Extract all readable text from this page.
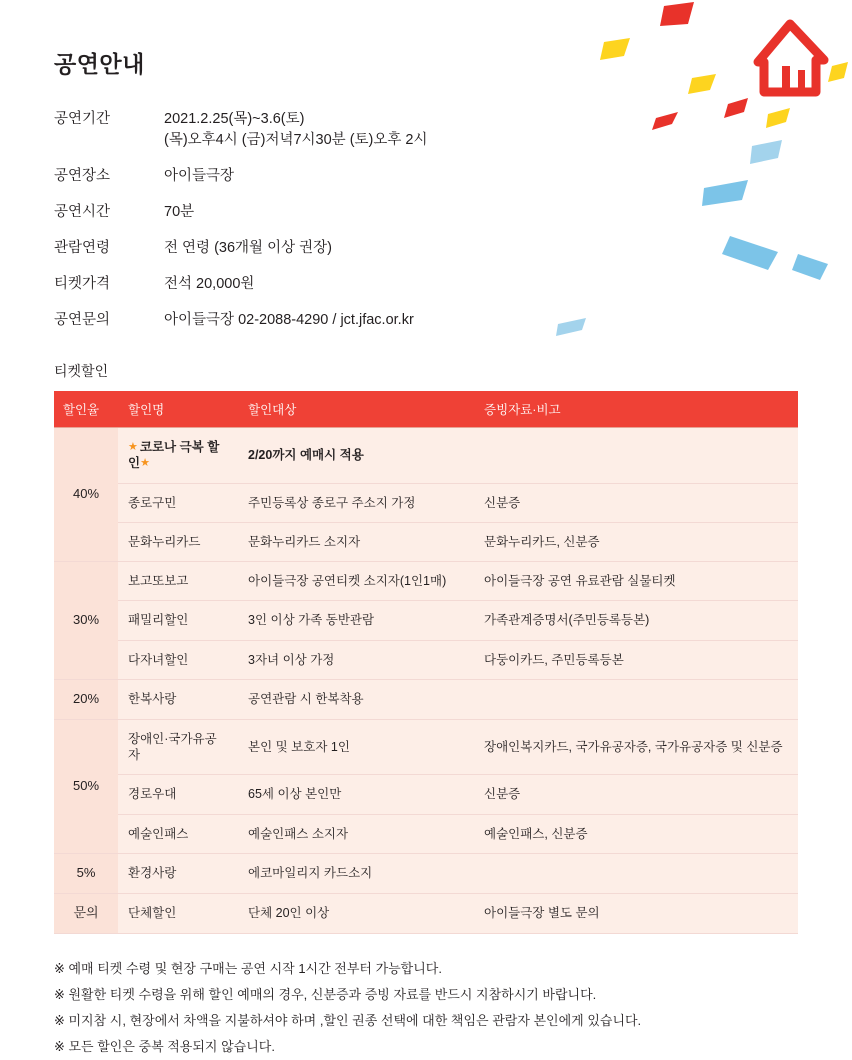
공연안내
공연기간	2021.2.25(목)~3.6(토)
(목)오후4시 (금)저녁7시30분 (토)오후 2시

공연장소	아이들극장

공연시간	70분

관람연령	전 연령 (36개월 이상 권장)

티켓가격	전석 20,000원

공연문의	아이들극장 02-2088-4290 / jct.jfac.or.kr
티켓할인
할인율	할인명	할인대상	증빙자료·비고
40%	★ 코로나 극복 할인★	2/20까지 예매시 적용	
	종로구민	주민등록상 종로구 주소지 가정	신분증
	문화누리카드	문화누리카드 소지자	문화누리카드, 신분증
30%	보고또보고	아이들극장 공연티켓 소지자(1인1매)	아이들극장 공연 유료관람 실물티켓
	패밀리할인	3인 이상 가족 동반관람	가족관계증명서(주민등록등본)
	다자녀할인	3자녀 이상 가정	다둥이카드, 주민등록등본
20%	한복사랑	공연관람 시 한복착용	
50%	장애인·국가유공자	본인 및 보호자 1인	장애인복지카드, 국가유공자증, 국가유공자증 및 신분증
	경로우대	65세 이상 본인만	신분증
	예술인패스	예술인패스 소지자	예술인패스, 신분증
5%	환경사랑	에코마일리지 카드소지	
문의	단체할인	단체 20인 이상	아이들극장 별도 문의
※ 예매 티켓 수령 및 현장 구매는 공연 시작 1시간 전부터 가능합니다.
※ 원활한 티켓 수령을 위해 할인 예매의 경우, 신분증과 증빙 자료를 반드시 지참하시기 바랍니다.
※ 미지참 시, 현장에서 차액을 지불하셔야 하며 ,할인 권종 선택에 대한 책임은 관람자 본인에게 있습니다.
※ 모든 할인은 중복 적용되지 않습니다.
